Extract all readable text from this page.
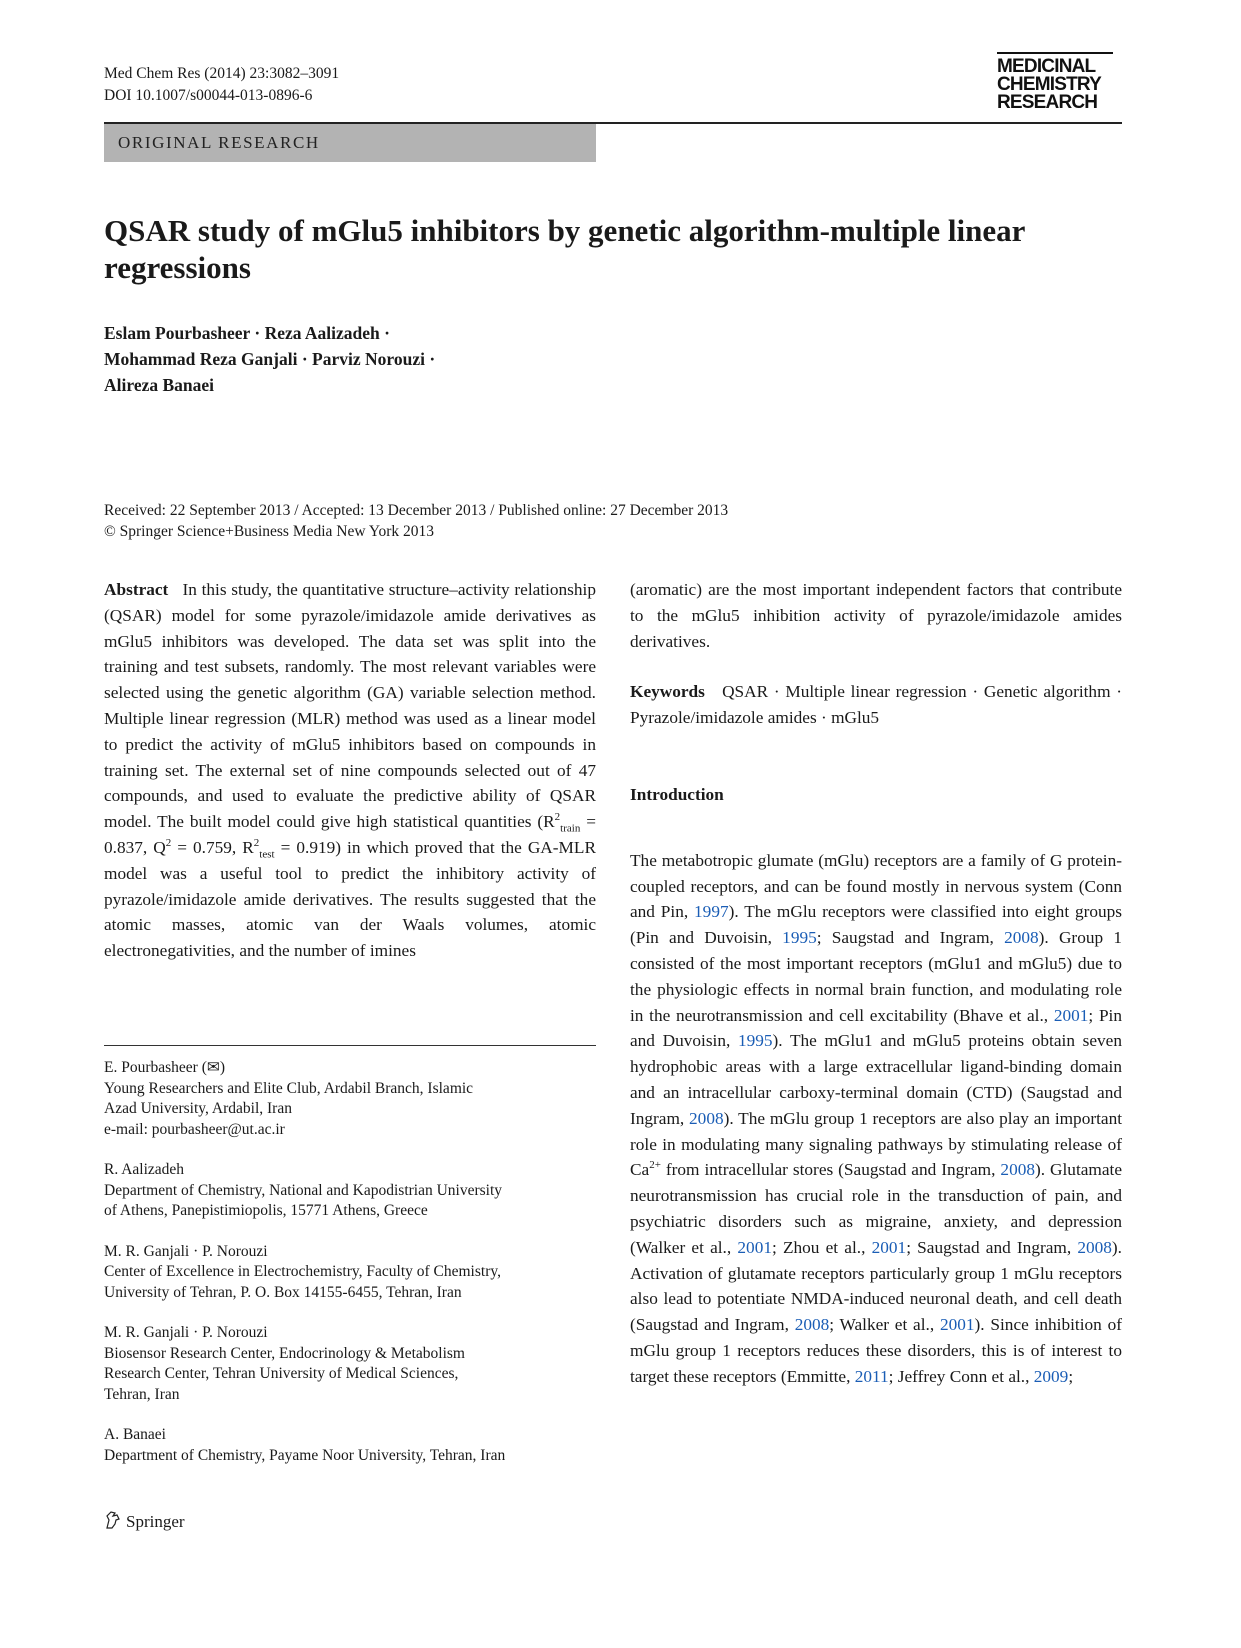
Med Chem Res (2014) 23:3082–3091
DOI 10.1007/s00044-013-0896-6
MEDICINAL
CHEMISTRY
RESEARCH
ORIGINAL RESEARCH
QSAR study of mGlu5 inhibitors by genetic algorithm-multiple linear regressions
Eslam Pourbasheer · Reza Aalizadeh ·
Mohammad Reza Ganjali · Parviz Norouzi ·
Alireza Banaei
Received: 22 September 2013 / Accepted: 13 December 2013 / Published online: 27 December 2013
© Springer Science+Business Media New York 2013

Abstract In this study, the quantitative structure–activity relationship (QSAR) model for some pyrazole/imidazole amide derivatives as mGlu5 inhibitors was developed. The data set was split into the training and test subsets, randomly. The most relevant variables were selected using the genetic algorithm (GA) variable selection method. Multiple linear regression (MLR) method was used as a linear model to predict the activity of mGlu5 inhibitors based on compounds in training set. The external set of nine compounds selected out of 47 compounds, and used to evaluate the predictive ability of QSAR model. The built model could give high statistical quantities ($R^2_{train} = 0.837$, $Q^2 = 0.759$, $R^2_{test} = 0.919$) in which proved that the GA-MLR model was a useful tool to predict the inhibitory activity of pyrazole/imidazole amide derivatives. The results suggested that the atomic masses, atomic van der Waals volumes, atomic electronegativities, and the number of imines

(aromatic) are the most important independent factors that contribute to the mGlu5 inhibition activity of pyrazole/imidazole amides derivatives.

Keywords QSAR · Multiple linear regression · Genetic algorithm · Pyrazole/imidazole amides · mGlu5

Introduction

The metabotropic glumate (mGlu) receptors are a family of G protein-coupled receptors, and can be found mostly in nervous system (Conn and Pin, 1997). The mGlu receptors were classified into eight groups (Pin and Duvoisin, 1995; Saugstad and Ingram, 2008). Group 1 consisted of the most important receptors (mGlu1 and mGlu5) due to the physiologic effects in normal brain function, and modulating role in the neurotransmission and cell excitability (Bhave et al., 2001; Pin and Duvoisin, 1995). The mGlu1 and mGlu5 proteins obtain seven hydrophobic areas with a large extracellular ligand-binding domain and an intracellular carboxy-terminal domain (CTD) (Saugstad and Ingram, 2008). The mGlu group 1 receptors are also play an important role in modulating many signaling pathways by stimulating release of $Ca^{2+}$ from intracellular stores (Saugstad and Ingram, 2008). Glutamate neurotransmission has crucial role in the transduction of pain, and psychiatric disorders such as migraine, anxiety, and depression (Walker et al., 2001; Zhou et al., 2001; Saugstad and Ingram, 2008). Activation of glutamate receptors particularly group 1 mGlu receptors also lead to potentiate NMDA-induced neuronal death, and cell death (Saugstad and Ingram, 2008; Walker et al., 2001). Since inhibition of mGlu group 1 receptors reduces these disorders, this is of interest to target these receptors (Emmitte, 2011; Jeffrey Conn et al., 2009;

E. Pourbasheer (✉)
Young Researchers and Elite Club, Ardabil Branch, Islamic
Azad University, Ardabil, Iran
e-mail: pourbasheer@ut.ac.ir
R. Aalizadeh
Department of Chemistry, National and Kapodistrian University
of Athens, Panepistimiopolis, 15771 Athens, Greece
M. R. Ganjali · P. Norouzi
Center of Excellence in Electrochemistry, Faculty of Chemistry,
University of Tehran, P. O. Box 14155-6455, Tehran, Iran
M. R. Ganjali · P. Norouzi
Biosensor Research Center, Endocrinology & Metabolism
Research Center, Tehran University of Medical Sciences,
Tehran, Iran
A. Banaei
Department of Chemistry, Payame Noor University, Tehran, Iran
Springer
